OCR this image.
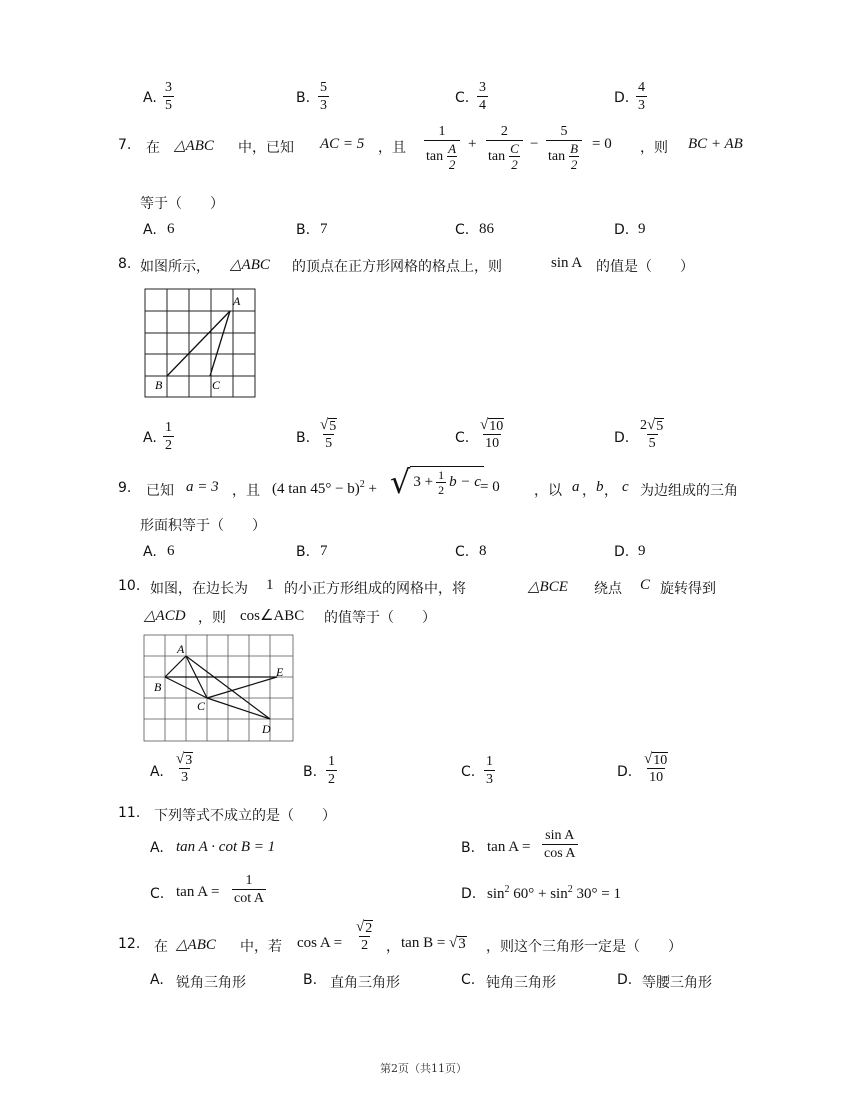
A. $\frac{3}{5}$	B. $\frac{5}{3}$	C. $\frac{3}{4}$	D. $\frac{4}{3}$
7. 在 △ABC 中，已知 AC = 5 ，且 $\frac{1}{\tan \frac{A}{2}} + \frac{2}{\tan \frac{C}{2}} - \frac{5}{\tan \frac{B}{2}} = 0$ ，则 BC + AB
等于（　　）
A. 6	B. 7	C. 86	D. 9
8. 如图所示， △ABC 的顶点在正方形网格的格点上，则	sin A 的值是（　　）
A
B	C
A. $\frac{1}{2}$	B. $\frac{√ 5}{5}$	C. $\frac{√ 10}{10}$	D. $\frac{2 √ 5}{5}$
9. 已知 a = 3 ，且 (4 tan 45° − b)$^2$ + √ $3 + \frac{1}{2}$ b − c = 0 ，以 a ， b ， c 为边组成的三角
形面积等于（　　）
A. 6	B. 7	C. 8	D. 9
10. 如图，在边长为 1 的小正方形组成的网格中，将	△BCE 绕点 C 旋转得到
△ACD ，则 cos∠ABC 的值等于（　　）
A
B
C
D
E
A. $\frac{√ 3}{3}$	B. $\frac{1}{2}$	C. $\frac{1}{3}$	D. $\frac{√ 10}{10}$
11. 下列等式不成立的是（　　）
A. tan A · cot B = 1	B. $\tan A = \frac{\text{sin A}}{\text{cos A}}$
C. $\tan A = \frac{1}{\text{cot A}}$	D. $\sin^2 60^\circ + \sin^2 30^\circ = 1$
12. 在 △ABC 中，若 $\cos A = \frac{√ 2}{2}$ ， tan B = √ 3 ，则这个三角形一定是（　　）
A. 锐角三角形	B. 直角三角形	C. 钝角三角形	D. 等腰三角形
第2页（共11页）
